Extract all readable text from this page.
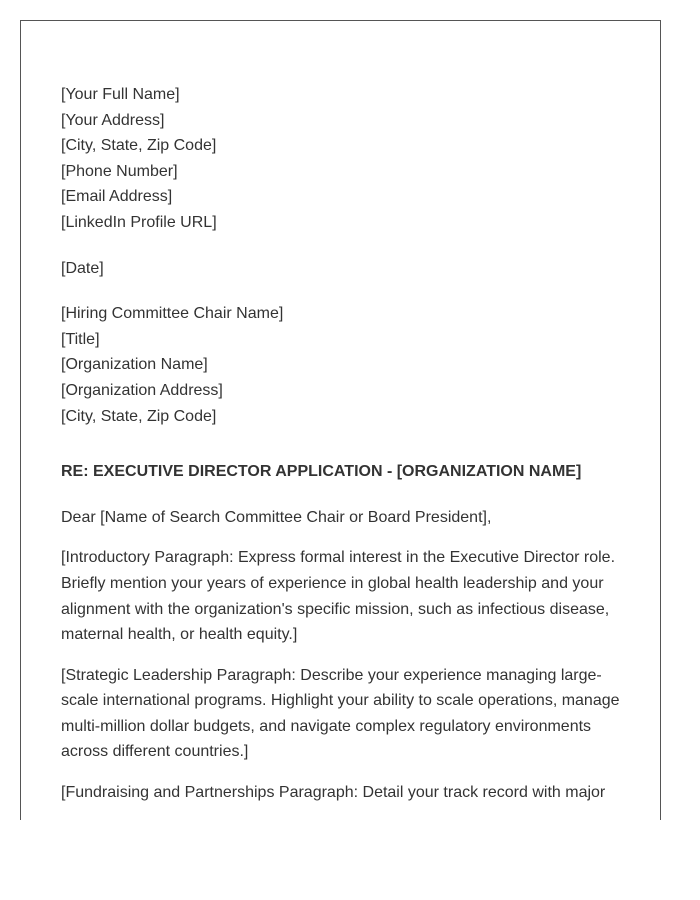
[Your Full Name]
[Your Address]
[City, State, Zip Code]
[Phone Number]
[Email Address]
[LinkedIn Profile URL]
[Date]
[Hiring Committee Chair Name]
[Title]
[Organization Name]
[Organization Address]
[City, State, Zip Code]
RE: EXECUTIVE DIRECTOR APPLICATION - [ORGANIZATION NAME]
Dear [Name of Search Committee Chair or Board President],
[Introductory Paragraph: Express formal interest in the Executive Director role. Briefly mention your years of experience in global health leadership and your alignment with the organization's specific mission, such as infectious disease, maternal health, or health equity.]
[Strategic Leadership Paragraph: Describe your experience managing large-scale international programs. Highlight your ability to scale operations, manage multi-million dollar budgets, and navigate complex regulatory environments across different countries.]
[Fundraising and Partnerships Paragraph: Detail your track record with major
